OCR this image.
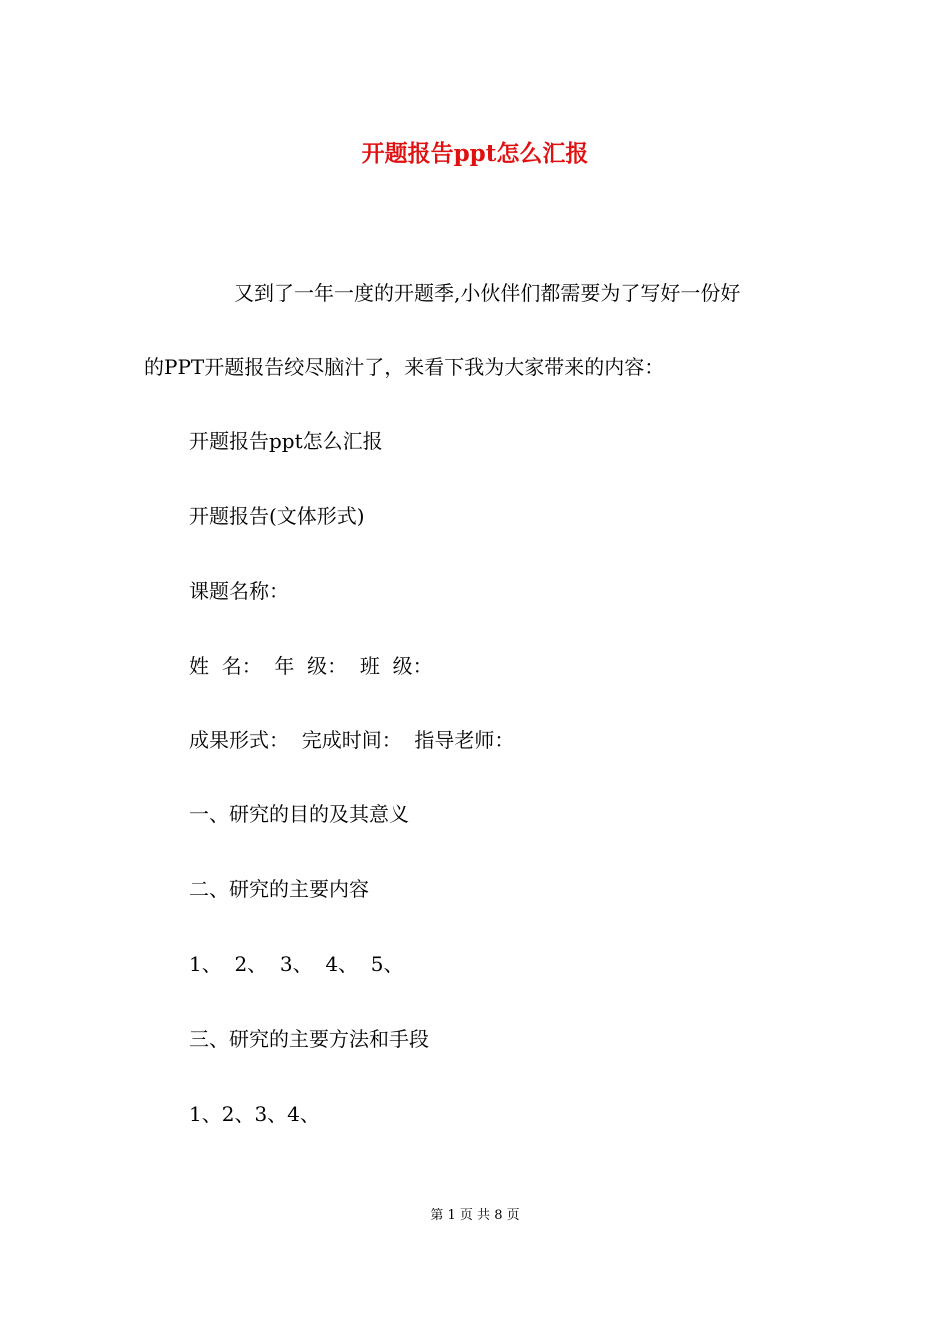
开题报告ppt怎么汇报
又到了一年一度的开题季,小伙伴们都需要为了写好一份好
的PPT开题报告绞尽脑汁了，来看下我为大家带来的内容：
开题报告ppt怎么汇报
开题报告(文体形式)
课题名称：
姓  名：  年  级：  班  级：
成果形式：  完成时间：  指导老师：
一、研究的目的及其意义
二、研究的主要内容
1、  2、  3、  4、  5、
三、研究的主要方法和手段
1、2、3、4、
第 1 页 共 8 页
